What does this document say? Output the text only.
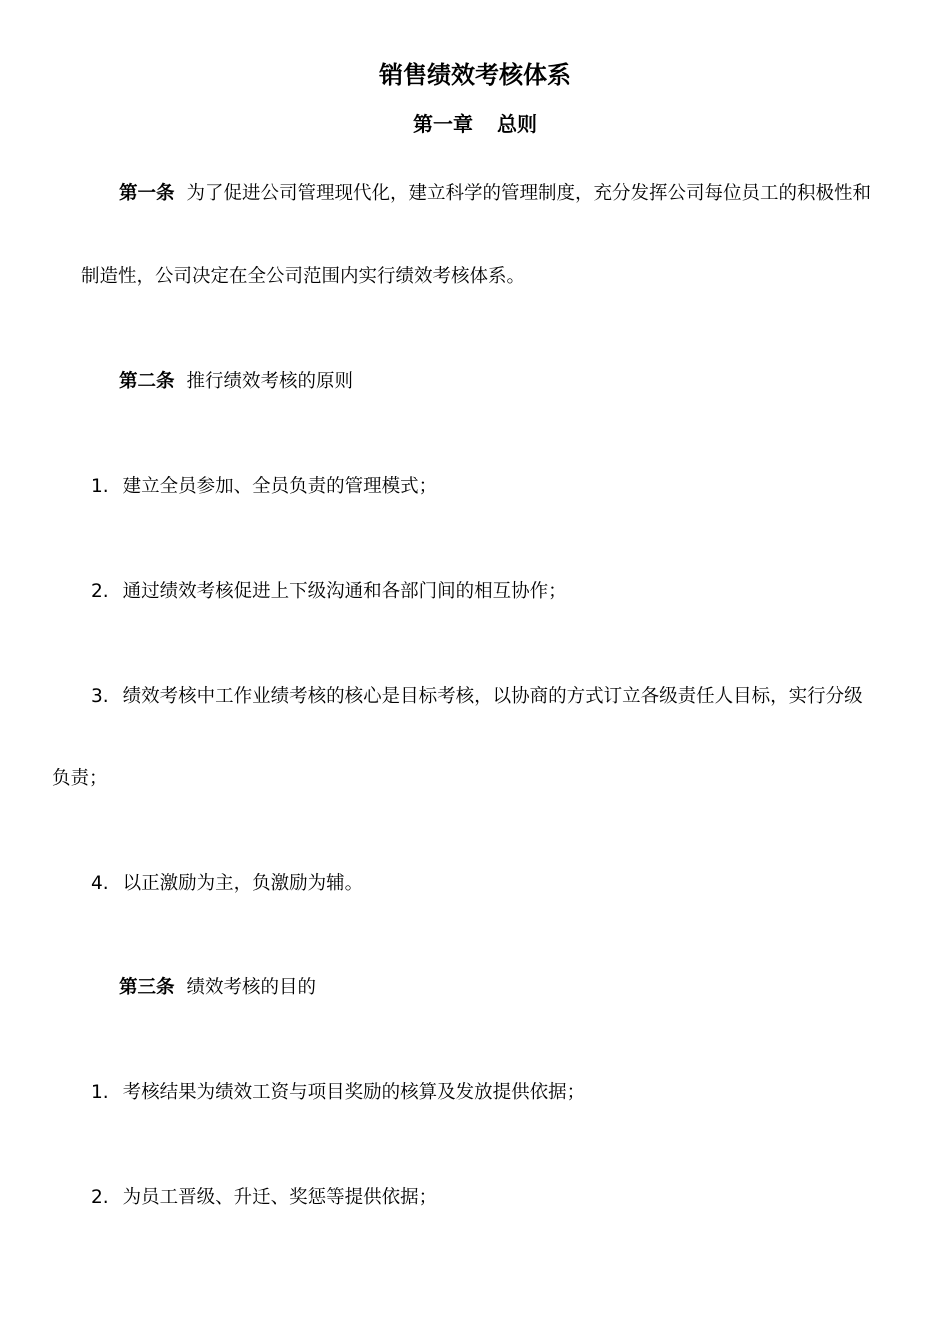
销售绩效考核体系
第一章 总则
第一条 为了促进公司管理现代化，建立科学的管理制度，充分发挥公司每位员工的积极性和
制造性，公司决定在全公司范围内实行绩效考核体系。
第二条 推行绩效考核的原则
1. 建立全员参加、全员负责的管理模式；
2. 通过绩效考核促进上下级沟通和各部门间的相互协作；
3. 绩效考核中工作业绩考核的核心是目标考核，以协商的方式订立各级责任人目标，实行分级
负责；
4. 以正激励为主，负激励为辅。
第三条 绩效考核的目的
1. 考核结果为绩效工资与项目奖励的核算及发放提供依据；
2. 为员工晋级、升迁、奖惩等提供依据；
